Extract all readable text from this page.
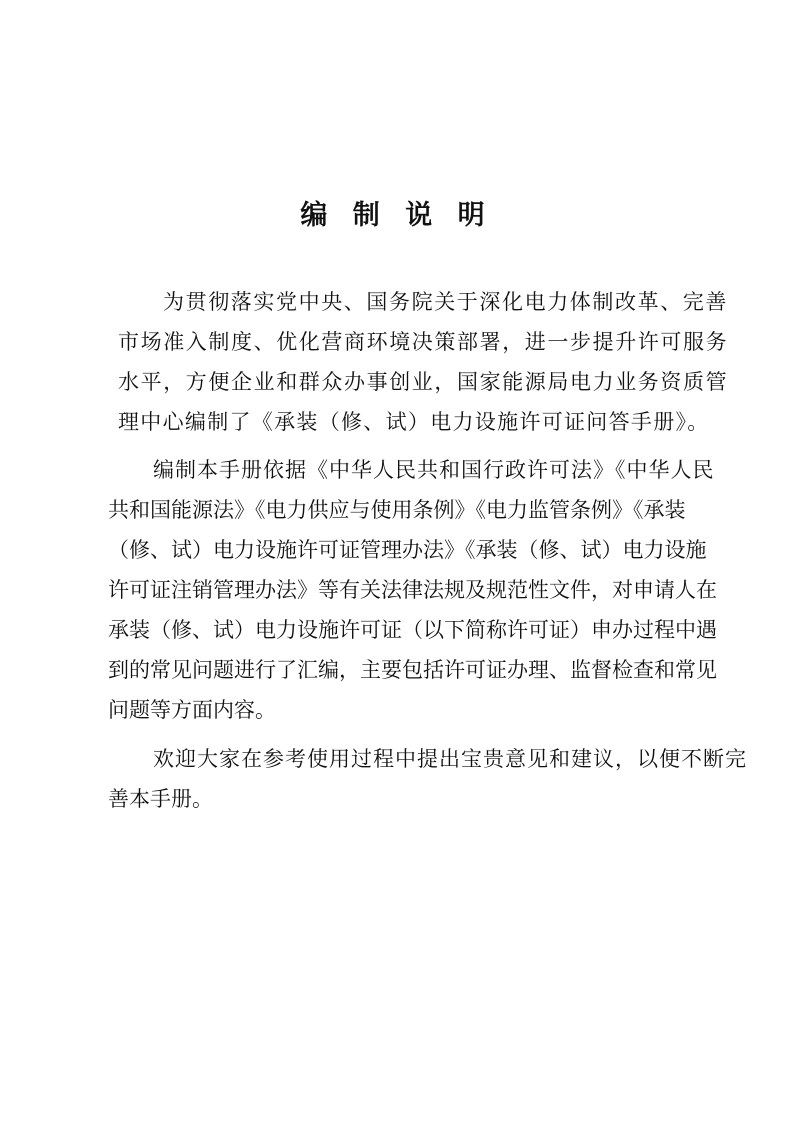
编 制 说 明
为贯彻落实党中央、国务院关于深化电力体制改革、完善
市场准入制度、优化营商环境决策部署，进一步提升许可服务
水平，方便企业和群众办事创业，国家能源局电力业务资质管
理中心编制了《承装（修、试）电力设施许可证问答手册》。
编制本手册依据《中华人民共和国行政许可法》《中华人民
共和国能源法》《电力供应与使用条例》《电力监管条例》《承装
（修、试）电力设施许可证管理办法》《承装（修、试）电力设施
许可证注销管理办法》等有关法律法规及规范性文件，对申请人在
承装（修、试）电力设施许可证（以下简称许可证）申办过程中遇
到的常见问题进行了汇编，主要包括许可证办理、监督检查和常见
问题等方面内容。
欢迎大家在参考使用过程中提出宝贵意见和建议，以便不断完
善本手册。
